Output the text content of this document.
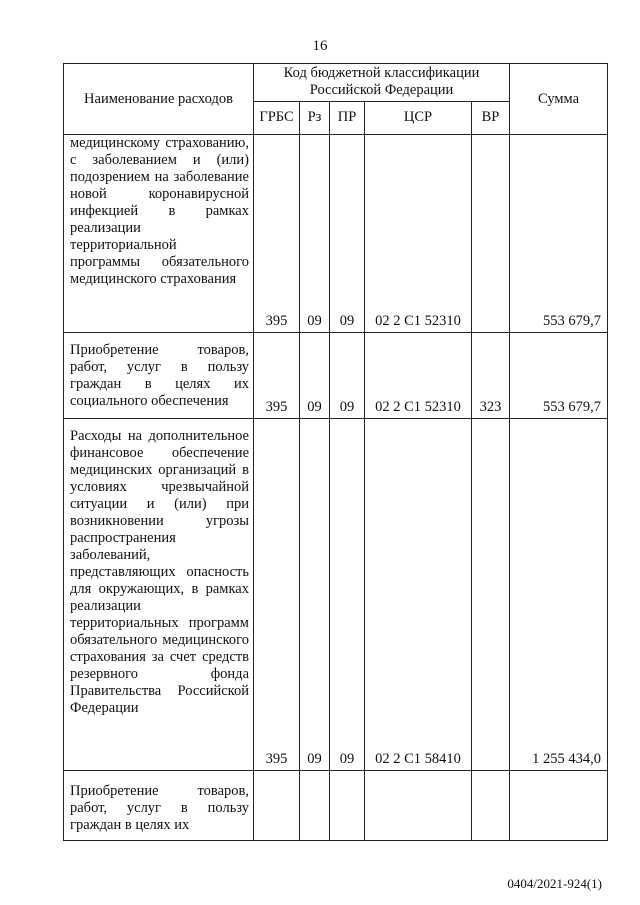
16
Наименование расходов	Код бюджетной классификации Российской Федерации					Сумма
	ГРБС	Рз	ПР	ЦСР	ВР	

медицинскому страхованию, с заболеванием и (или) подозрением на заболевание новой коронавирусной инфекцией в рамках реализации территориальной программы обязательного медицинского страхования	395	09	09	02 2 С1 52310		553 679,7

Приобретение товаров, работ, услуг в пользу граждан в целях их социального обеспечения	395	09	09	02 2 С1 52310	323	553 679,7

Расходы на дополнительное финансовое обеспечение медицинских организаций в условиях чрезвычайной ситуации и (или) при возникновении угрозы распространения заболеваний, представляющих опасность для окружающих, в рамках реализации территориальных программ обязательного медицинского страхования за счет средств резервного фонда Правительства Российской Федерации	395	09	09	02 2 С1 58410		1 255 434,0

Приобретение товаров, работ, услуг в пользу граждан в целях их						

0404/2021-924(1)
